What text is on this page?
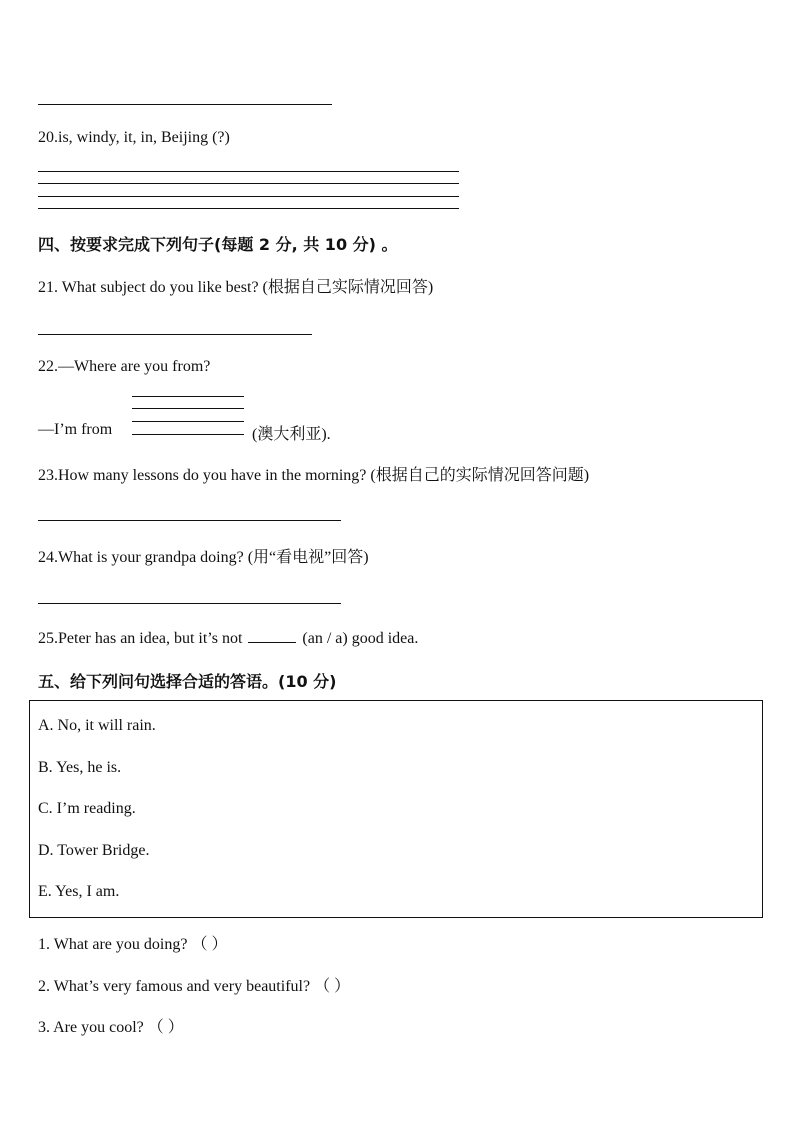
20.is, windy, it, in, Beijing (?)
四、按要求完成下列句子(每题 2 分, 共 10 分) 。
21. What subject do you like best? (根据自己实际情况回答)
22.—Where are you from?
—I’m from	(澳大利亚).
23.How many lessons do you have in the morning? (根据自己的实际情况回答问题)
24.What is your grandpa doing? (用“看电视”回答)
25.Peter has an idea, but it’s not	(an / a) good idea.
五、给下列问句选择合适的答语。(10 分)
A. No, it will rain.
B. Yes, he is.
C. I’m reading.
D. Tower Bridge.
E. Yes, I am.
1. What are you doing? （ ）
2. What’s very famous and very beautiful? （ ）
3. Are you cool? （ ）
